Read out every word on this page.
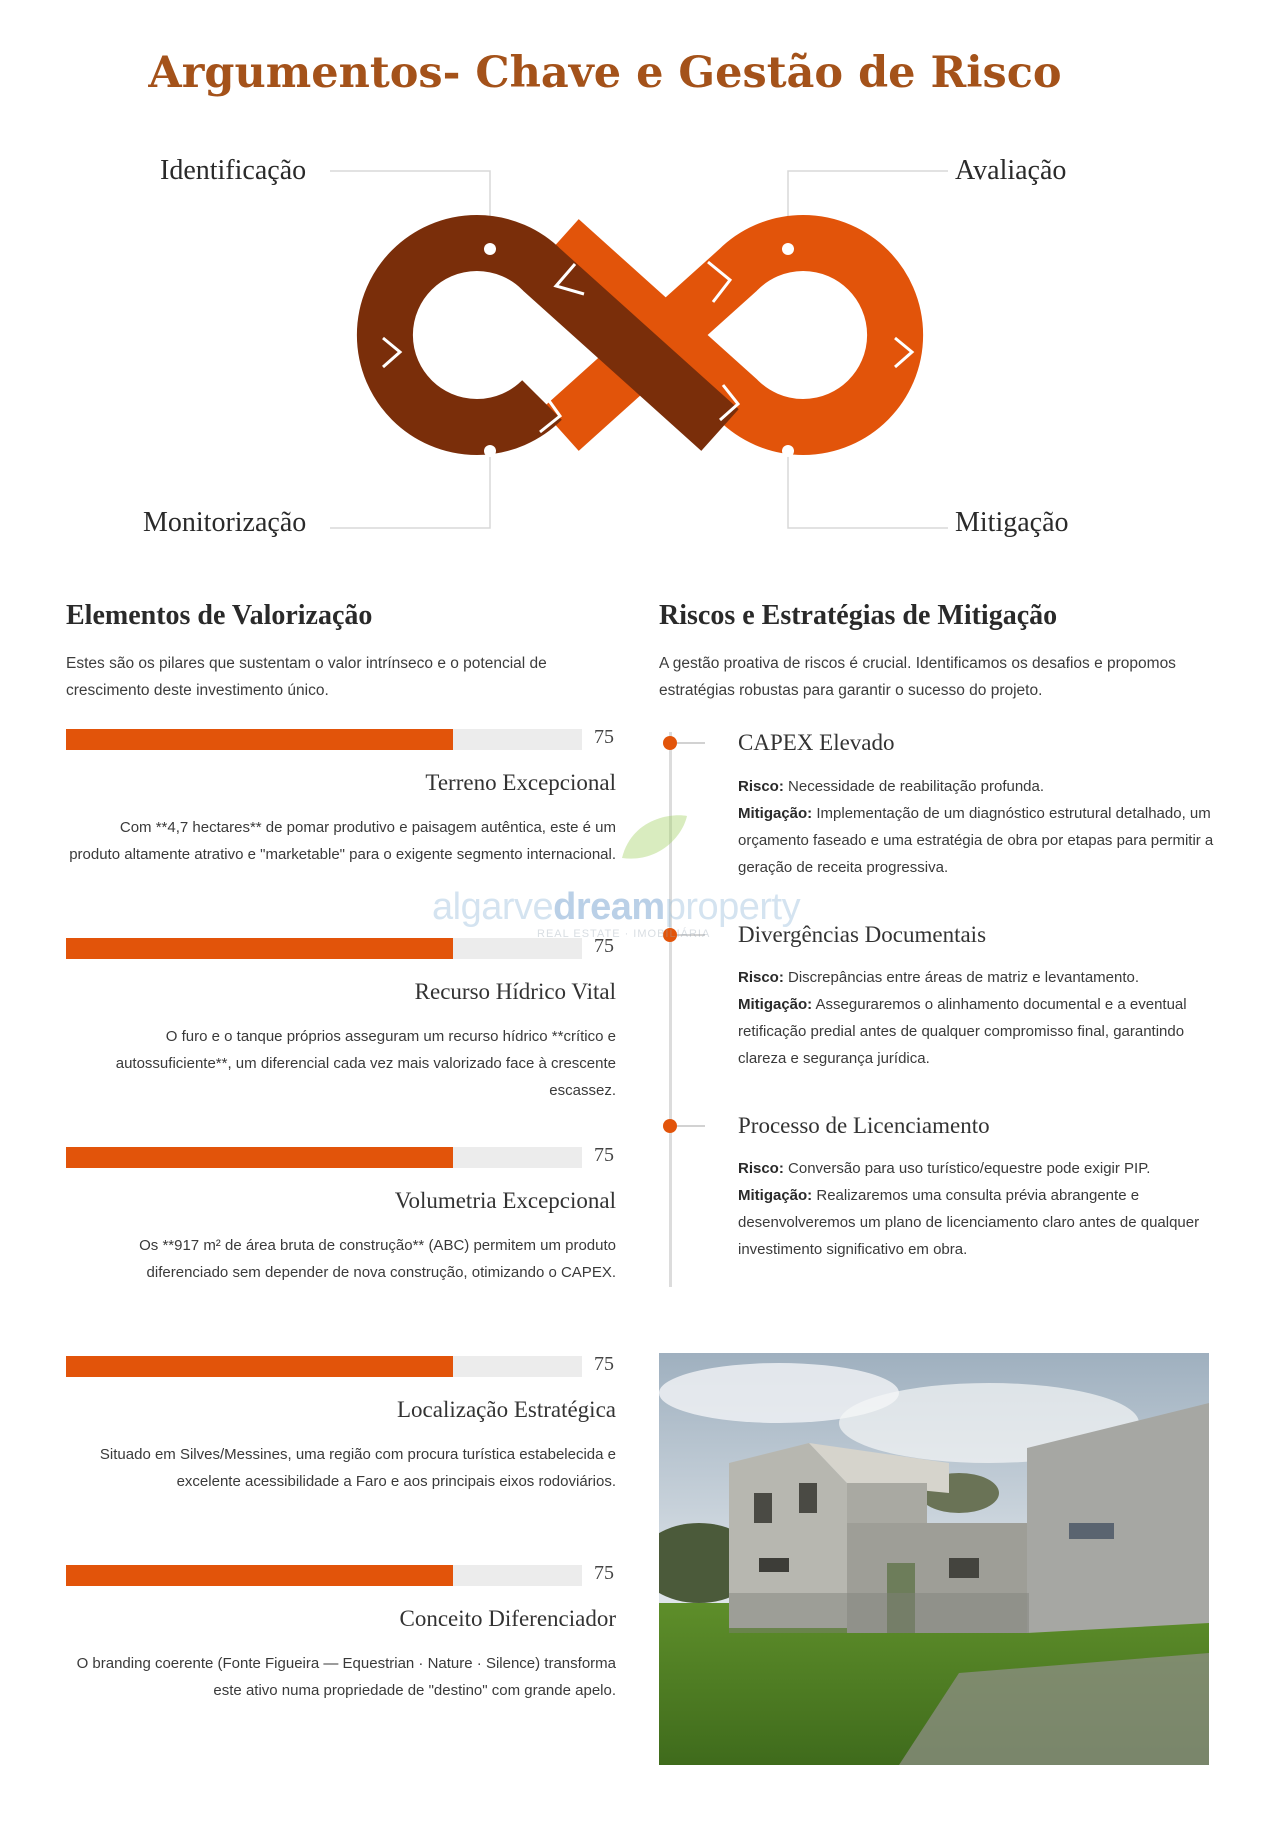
Argumentos- Chave e Gestão de Risco
Identificação	Avaliação
Monitorização	Mitigação
Elementos de Valorização

Estes são os pilares que sustentam o valor intrínseco e o potencial de crescimento deste investimento único.

75
Terreno Excepcional

Com **4,7 hectares** de pomar produtivo e paisagem autêntica, este é um produto altamente atrativo e "marketable" para o exigente segmento internacional.

75
Recurso Hídrico Vital

O furo e o tanque próprios asseguram um recurso hídrico **crítico e autossuficiente**, um diferencial cada vez mais valorizado face à crescente escassez.

75
Volumetria Excepcional

Os **917 m² de área bruta de construção** (ABC) permitem um produto diferenciado sem depender de nova construção, otimizando o CAPEX.

75
Localização Estratégica

Situado em Silves/Messines, uma região com procura turística estabelecida e excelente acessibilidade a Faro e aos principais eixos rodoviários.

75
Conceito Diferenciador

O branding coerente (Fonte Figueira — Equestrian · Nature · Silence) transforma este ativo numa propriedade de "destino" com grande apelo.

Riscos e Estratégias de Mitigação

A gestão proativa de riscos é crucial. Identificamos os desafios e propomos estratégias robustas para garantir o sucesso do projeto.

CAPEX Elevado
Risco: Necessidade de reabilitação profunda.
Mitigação: Implementação de um diagnóstico estrutural detalhado, um orçamento faseado e uma estratégia de obra por etapas para permitir a geração de receita progressiva.
Divergências Documentais
Risco: Discrepâncias entre áreas de matriz e levantamento.
Mitigação: Asseguraremos o alinhamento documental e a eventual retificação predial antes de qualquer compromisso final, garantindo clareza e segurança jurídica.
Processo de Licenciamento
Risco: Conversão para uso turístico/equestre pode exigir PIP.
Mitigação: Realizaremos uma consulta prévia abrangente e desenvolveremos um plano de licenciamento claro antes de qualquer investimento significativo em obra.
algarvedreamproperty
REAL ESTATE · IMOBILIÁRIA
